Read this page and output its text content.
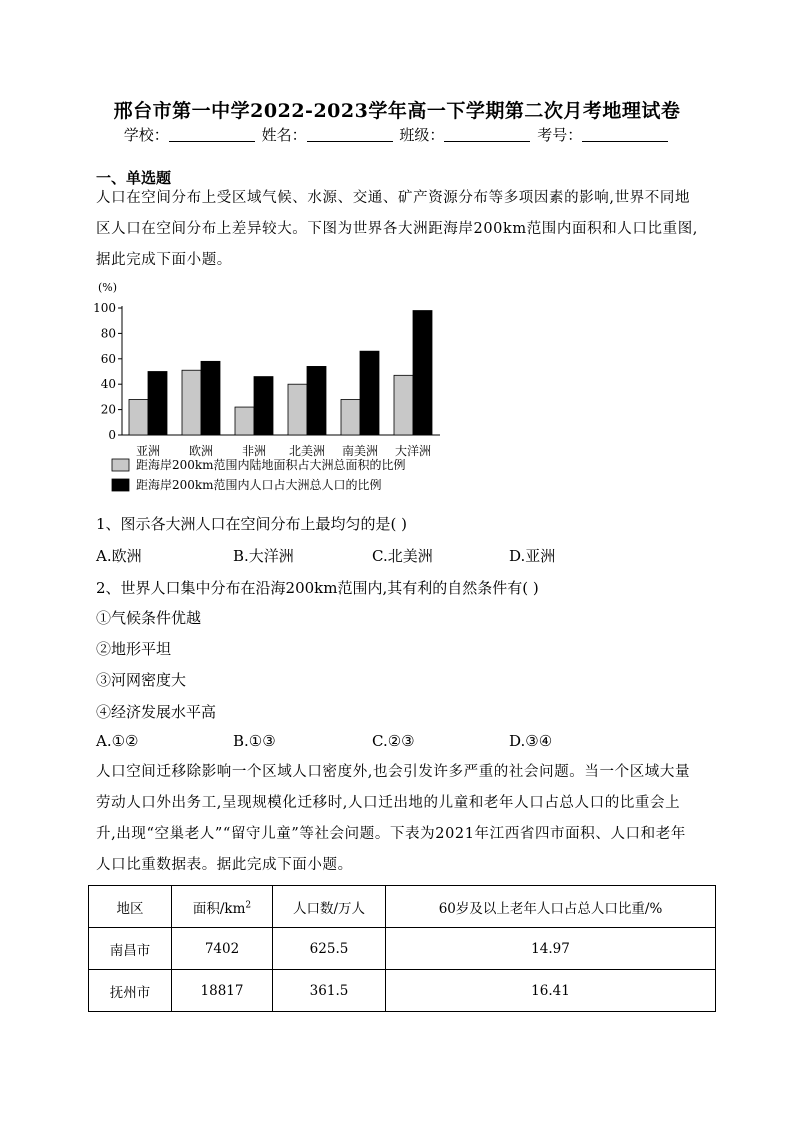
邢台市第一中学2022-2023学年高一下学期第二次月考地理试卷
学校：	姓名：	班级：	考号：
一、单选题
人口在空间分布上受区域气候、水源、交通、矿产资源分布等多项因素的影响,世界不同地区人口在空间分布上差异较大。下图为世界各大洲距海岸200km范围内面积和人口比重图,据此完成下面小题。
(%)
0
20
40
60
80
100
亚洲 欧洲 非洲 北美洲 南美洲 大洋洲
距海岸200km范围内陆地面积占大洲总面积的比例
距海岸200km范围内人口占大洲总人口的比例
1、图示各大洲人口在空间分布上最均匀的是( )
A.欧洲	B.大洋洲	C.北美洲	D.亚洲
2、世界人口集中分布在沿海200km范围内,其有利的自然条件有( )
①气候条件优越
②地形平坦
③河网密度大
④经济发展水平高
A.①②	B.①③	C.②③	D.③④
人口空间迁移除影响一个区域人口密度外,也会引发许多严重的社会问题。当一个区域大量劳动人口外出务工,呈现规模化迁移时,人口迁出地的儿童和老年人口占总人口的比重会上升,出现“空巢老人”“留守儿童”等社会问题。下表为2021年江西省四市面积、人口和老年人口比重数据表。据此完成下面小题。
地区	面积$/km^2$	人口数/万人	60岁及以上老年人口占总人口比重/%
南昌市	7402	625.5	14.97
抚州市	18817	361.5	16.41
